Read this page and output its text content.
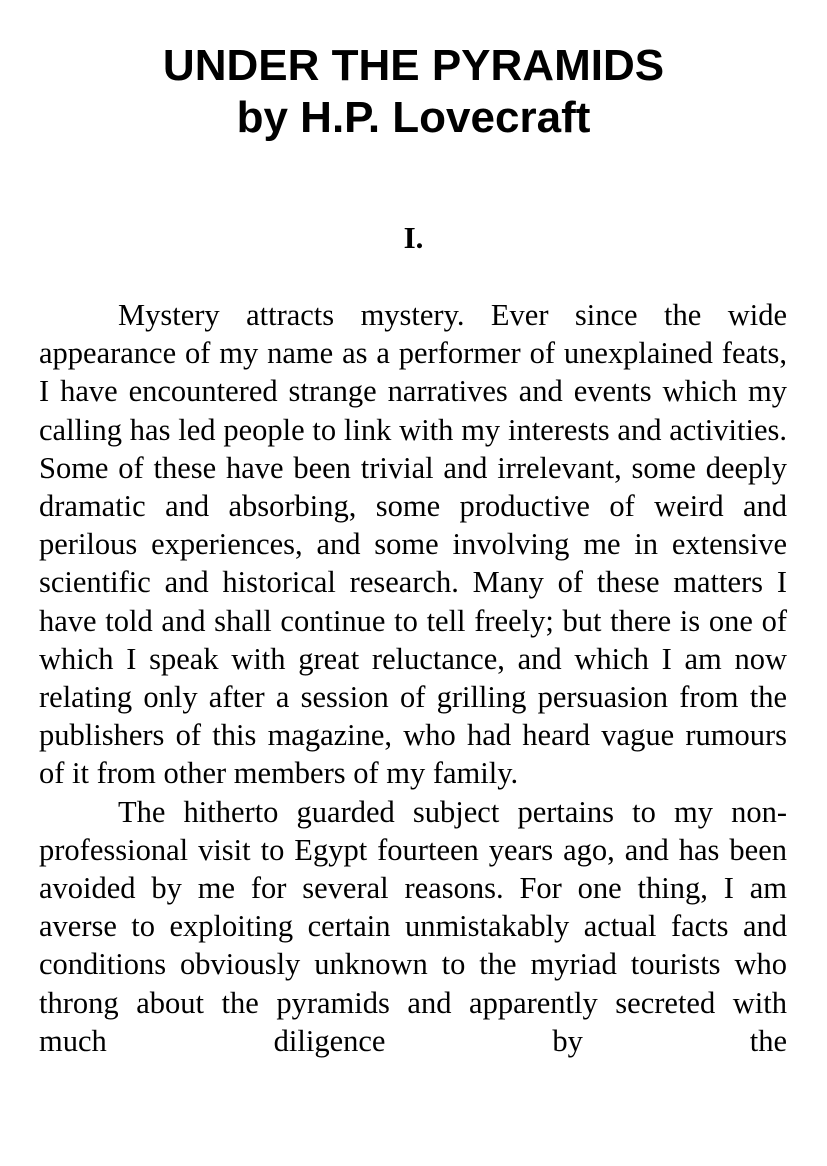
UNDER THE PYRAMIDS
by H.P. Lovecraft
I.

Mystery attracts mystery. Ever since the wide appearance of my name as a performer of unexplained feats, I have encountered strange narratives and events which my calling has led people to link with my interests and activities. Some of these have been trivial and irrelevant, some deeply dramatic and absorbing, some productive of weird and perilous experiences, and some involving me in extensive scientific and historical research. Many of these matters I have told and shall continue to tell freely; but there is one of which I speak with great reluctance, and which I am now relating only after a session of grilling persuasion from the publishers of this magazine, who had heard vague rumours of it from other members of my family.

The hitherto guarded subject pertains to my non-professional visit to Egypt fourteen years ago, and has been avoided by me for several reasons. For one thing, I am averse to exploiting certain unmistakably actual facts and conditions obviously unknown to the myriad tourists who throng about the pyramids and apparently secreted with much diligence by the
